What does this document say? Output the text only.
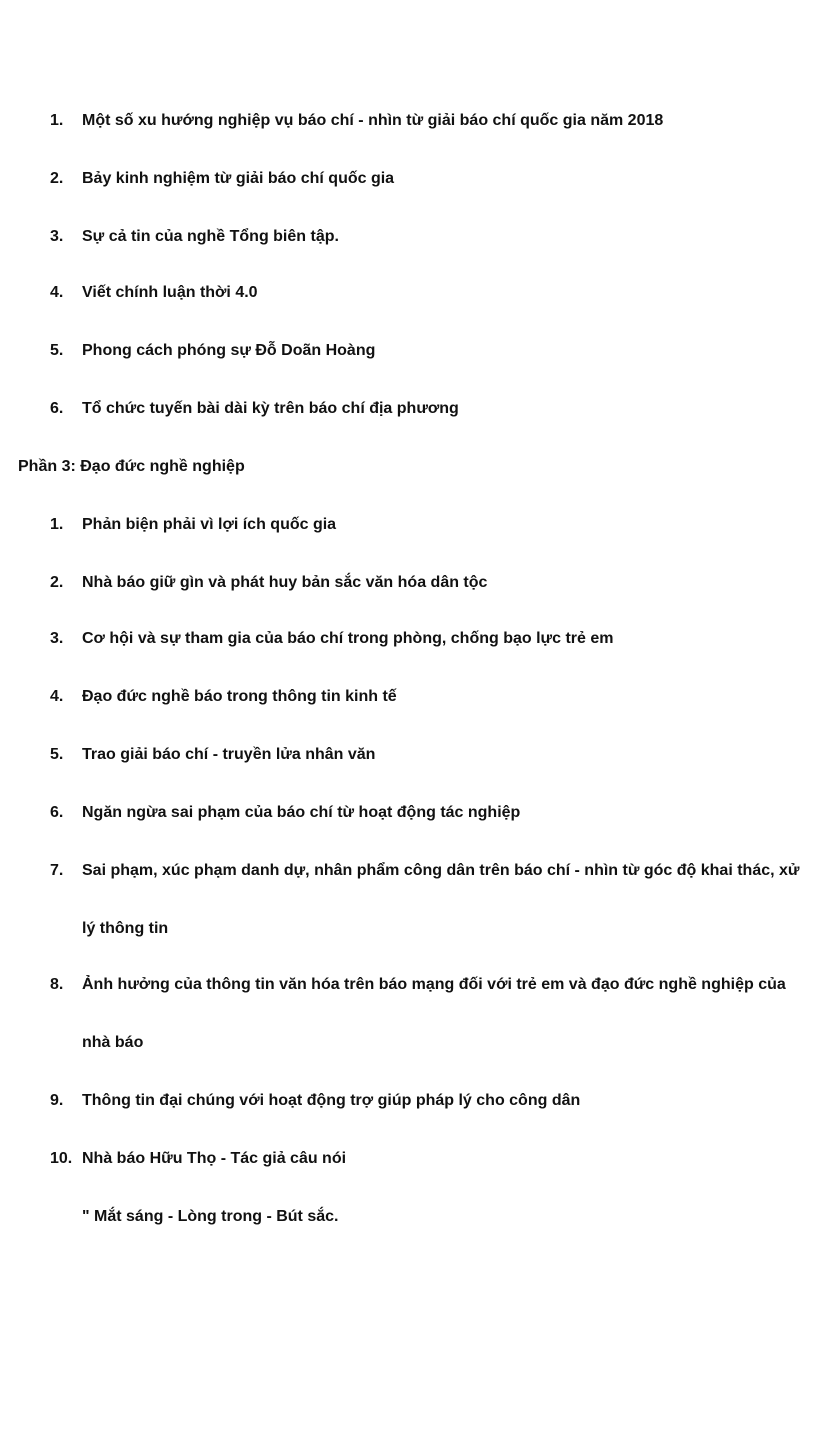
1. Một số xu hướng nghiệp vụ báo chí - nhìn từ giải báo chí quốc gia năm 2018
2. Bảy kinh nghiệm từ giải báo chí quốc gia
3. Sự cả tin của nghề Tổng biên tập.
4. Viết chính luận thời 4.0
5. Phong cách phóng sự Đỗ Doãn Hoàng
6. Tổ chức tuyến bài dài kỳ trên báo chí địa phương
Phần 3: Đạo đức nghề nghiệp
1. Phản biện phải vì lợi ích quốc gia
2. Nhà báo giữ gìn và phát huy bản sắc văn hóa dân tộc
3. Cơ hội và sự tham gia của báo chí trong phòng, chống bạo lực trẻ em
4. Đạo đức nghề báo trong thông tin kinh tế
5. Trao giải báo chí - truyền lửa nhân văn
6. Ngăn ngừa sai phạm của báo chí từ hoạt động tác nghiệp
7. Sai phạm, xúc phạm danh dự, nhân phẩm công dân trên báo chí - nhìn từ góc độ khai thác, xử
lý thông tin
8. Ảnh hưởng của thông tin văn hóa trên báo mạng đối với trẻ em và đạo đức nghề nghiệp của
nhà báo
9. Thông tin đại chúng với hoạt động trợ giúp pháp lý cho công dân
10. Nhà báo Hữu Thọ - Tác giả câu nói
" Mắt sáng - Lòng trong - Bút sắc.
